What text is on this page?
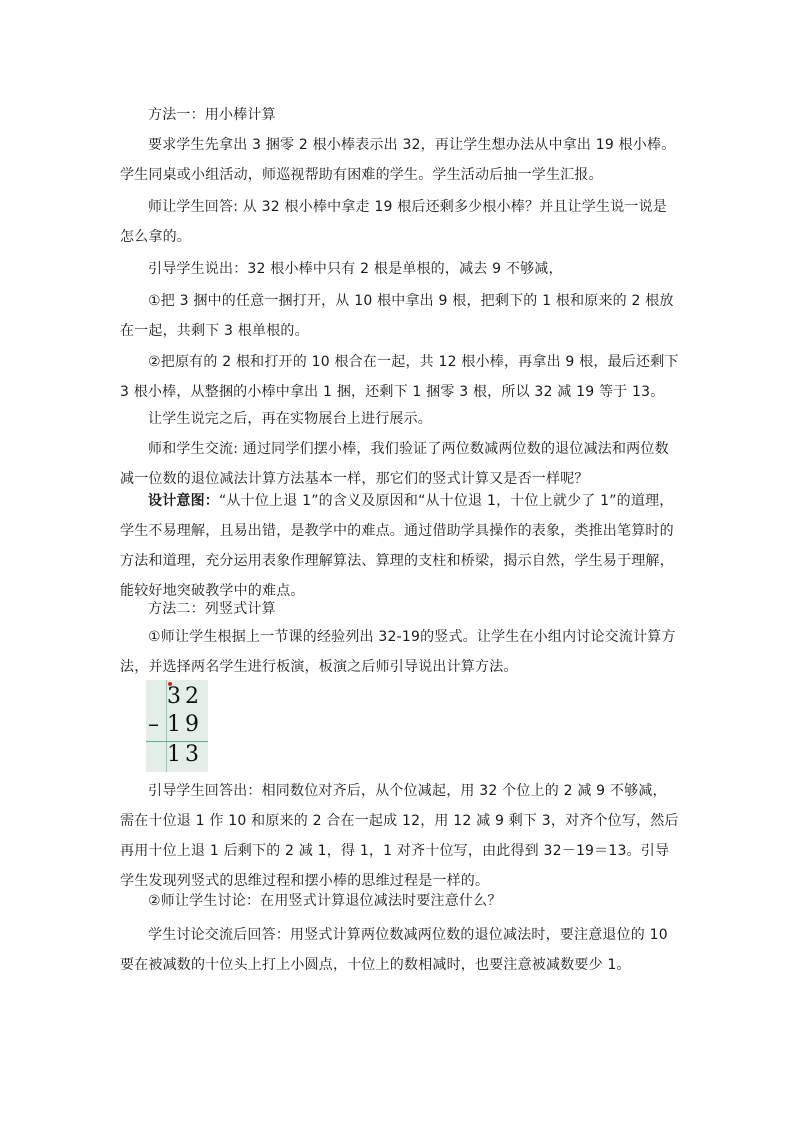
方法一：用小棒计算

要求学生先拿出 3 捆零 2 根小棒表示出 32，再让学生想办法从中拿出 19 根小棒。学生同桌或小组活动，师巡视帮助有困难的学生。学生活动后抽一学生汇报。

师让学生回答: 从 32 根小棒中拿走 19 根后还剩多少根小棒？并且让学生说一说是怎么拿的。

引导学生说出：32 根小棒中只有 2 根是单根的，减去 9 不够减，

①把 3 捆中的任意一捆打开，从 10 根中拿出 9 根，把剩下的 1 根和原来的 2 根放在一起，共剩下 3 根单根的。

②把原有的 2 根和打开的 10 根合在一起，共 12 根小棒，再拿出 9 根，最后还剩下 3 根小棒，从整捆的小棒中拿出 1 捆，还剩下 1 捆零 3 根，所以 32 减 19 等于 13。

让学生说完之后，再在实物展台上进行展示。

师和学生交流: 通过同学们摆小棒，我们验证了两位数减两位数的退位减法和两位数减一位数的退位减法计算方法基本一样，那它们的竖式计算又是否一样呢？

设计意图：“从十位上退 1”的含义及原因和“从十位退 1，十位上就少了 1”的道理，学生不易理解，且易出错，是教学中的难点。通过借助学具操作的表象，类推出笔算时的方法和道理，充分运用表象作理解算法、算理的支柱和桥梁，揭示自然，学生易于理解，能较好地突破教学中的难点。

方法二：列竖式计算

①师让学生根据上一节课的经验列出 32-19的竖式。让学生在小组内讨论交流计算方法，并选择两名学生进行板演，板演之后师引导说出计算方法。

32
– 19
13

引导学生回答出：相同数位对齐后，从个位减起，用 32 个位上的 2 减 9 不够减，需在十位退 1 作 10 和原来的 2 合在一起成 12，用 12 减 9 剩下 3，对齐个位写，然后再用十位上退 1 后剩下的 2 减 1，得 1，1 对齐十位写，由此得到 32－19＝13。引导学生发现列竖式的思维过程和摆小棒的思维过程是一样的。

②师让学生讨论：在用竖式计算退位减法时要注意什么？

学生讨论交流后回答：用竖式计算两位数减两位数的退位减法时，要注意退位的 10 要在被减数的十位头上打上小圆点，十位上的数相减时，也要注意被减数要少 1。
